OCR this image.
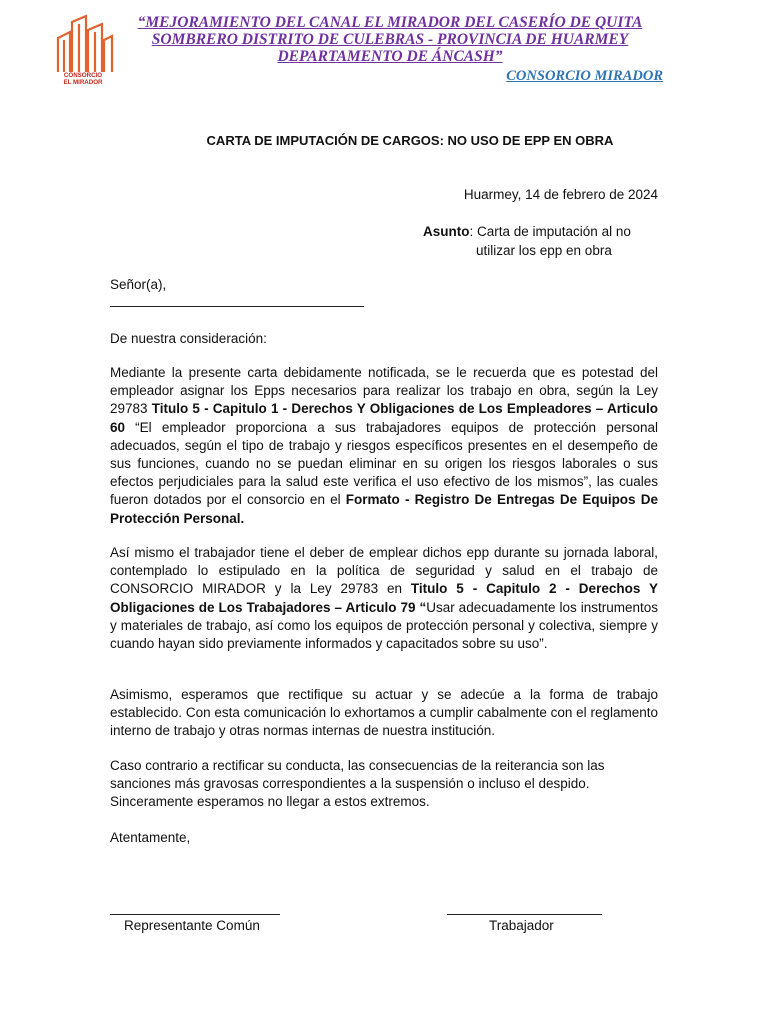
CONSORCIO
EL MIRADOR
“MEJORAMIENTO DEL CANAL EL MIRADOR DEL CASERÍO DE QUITA
SOMBRERO DISTRITO DE CULEBRAS - PROVINCIA DE HUARMEY
DEPARTAMENTO DE ÁNCASH”
CONSORCIO MIRADOR
CARTA DE IMPUTACIÓN DE CARGOS: NO USO DE EPP EN OBRA
Huarmey, 14 de febrero de 2024
Asunto: Carta de imputación al no
utilizar los epp en obra
Señor(a),
De nuestra consideración:
Mediante la presente carta debidamente notificada, se le recuerda que es potestad del empleador asignar los Epps necesarios para realizar los trabajo en obra, según la Ley 29783 Titulo 5 - Capitulo 1 - Derechos Y Obligaciones de Los Empleadores – Articulo 60 “El empleador proporciona a sus trabajadores equipos de protección personal adecuados, según el tipo de trabajo y riesgos específicos presentes en el desempeño de sus funciones, cuando no se puedan eliminar en su origen los riesgos laborales o sus efectos perjudiciales para la salud este verifica el uso efectivo de los mismos”, las cuales fueron dotados por el consorcio en el Formato - Registro De Entregas De Equipos De Protección Personal.
Así mismo el trabajador tiene el deber de emplear dichos epp durante su jornada laboral, contemplado lo estipulado en la política de seguridad y salud en el trabajo de CONSORCIO MIRADOR y la Ley 29783 en Titulo 5 - Capitulo 2 - Derechos Y Obligaciones de Los Trabajadores – Articulo 79 “Usar adecuadamente los instrumentos y materiales de trabajo, así como los equipos de protección personal y colectiva, siempre y cuando hayan sido previamente informados y capacitados sobre su uso”.
Asimismo, esperamos que rectifique su actuar y se adecúe a la forma de trabajo establecido. Con esta comunicación lo exhortamos a cumplir cabalmente con el reglamento interno de trabajo y otras normas internas de nuestra institución.
Caso contrario a rectificar su conducta, las consecuencias de la reiterancia son las sanciones más gravosas correspondientes a la suspensión o incluso el despido. Sinceramente esperamos no llegar a estos extremos.
Atentamente,
Representante Común	Trabajador
